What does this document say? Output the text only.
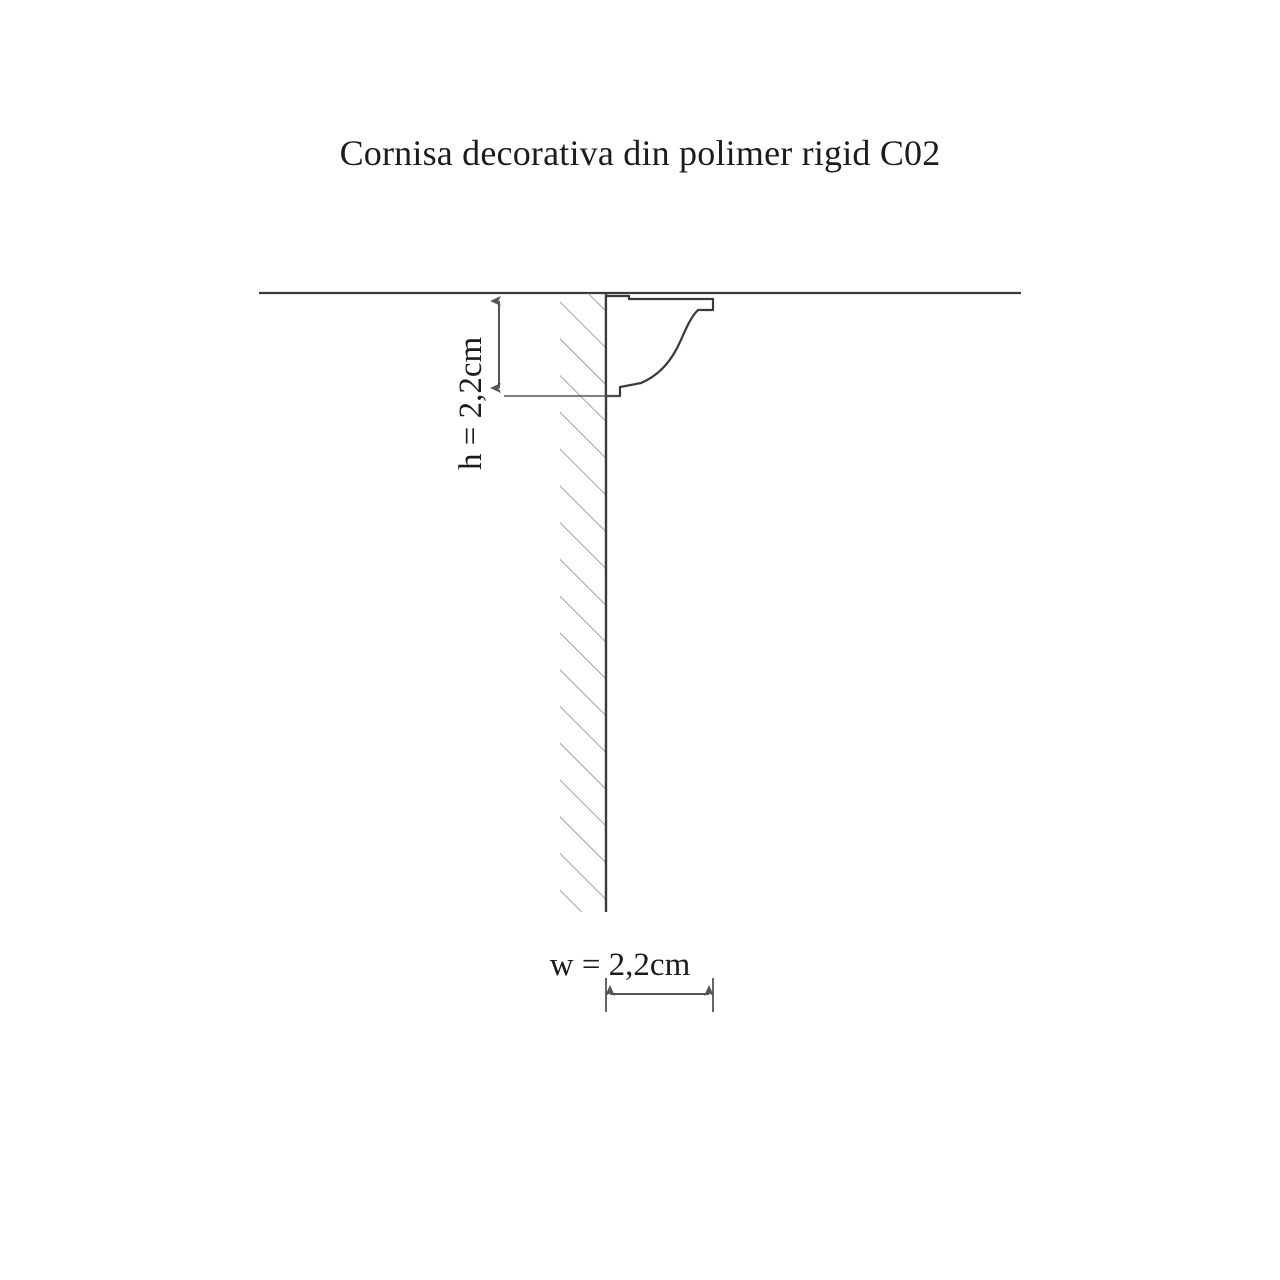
Cornisa decorativa din polimer rigid C02
h = 2,2cm
w = 2,2cm
